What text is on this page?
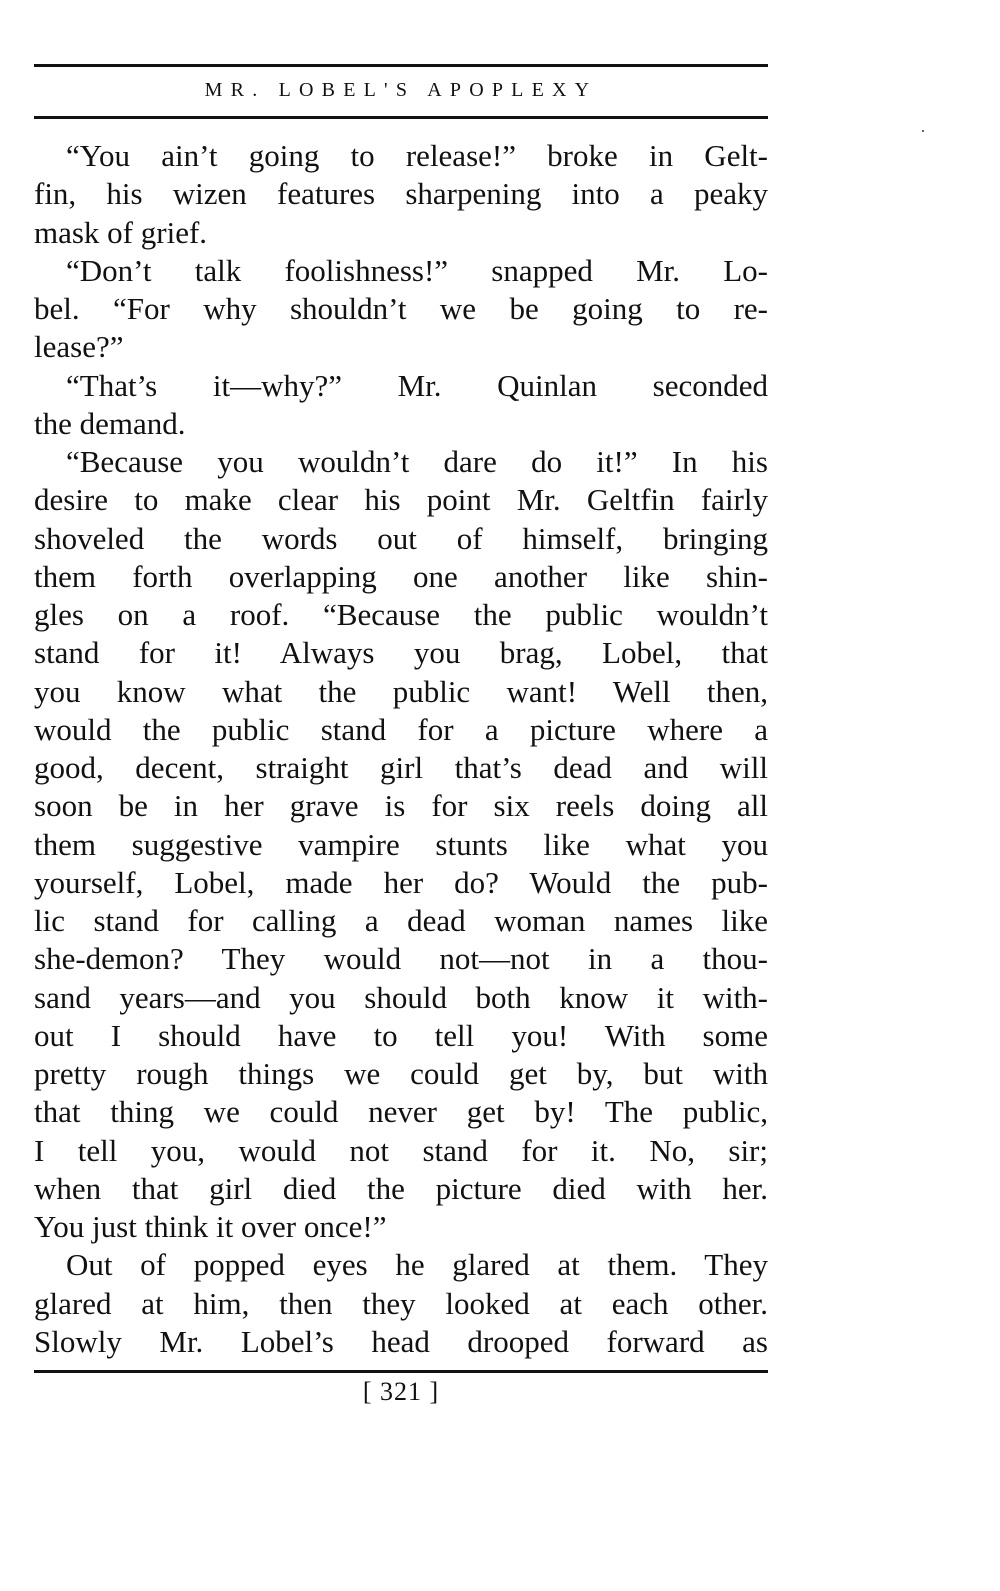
MR. LOBEL'S APOPLEXY
“You ain’t going to release!” broke in Gelt-
fin, his wizen features sharpening into a peaky
mask of grief.
“Don’t talk foolishness!” snapped Mr. Lo-
bel. “For why shouldn’t we be going to re-
lease?”
“That’s it—why?” Mr. Quinlan seconded
the demand.
“Because you wouldn’t dare do it!” In his
desire to make clear his point Mr. Geltfin fairly
shoveled the words out of himself, bringing
them forth overlapping one another like shin-
gles on a roof. “Because the public wouldn’t
stand for it! Always you brag, Lobel, that
you know what the public want! Well then,
would the public stand for a picture where a
good, decent, straight girl that’s dead and will
soon be in her grave is for six reels doing all
them suggestive vampire stunts like what you
yourself, Lobel, made her do? Would the pub-
lic stand for calling a dead woman names like
she-demon? They would not—not in a thou-
sand years—and you should both know it with-
out I should have to tell you! With some
pretty rough things we could get by, but with
that thing we could never get by! The public,
I tell you, would not stand for it. No, sir;
when that girl died the picture died with her.
You just think it over once!”
Out of popped eyes he glared at them. They
glared at him, then they looked at each other.
Slowly Mr. Lobel’s head drooped forward as
[ 321 ]
